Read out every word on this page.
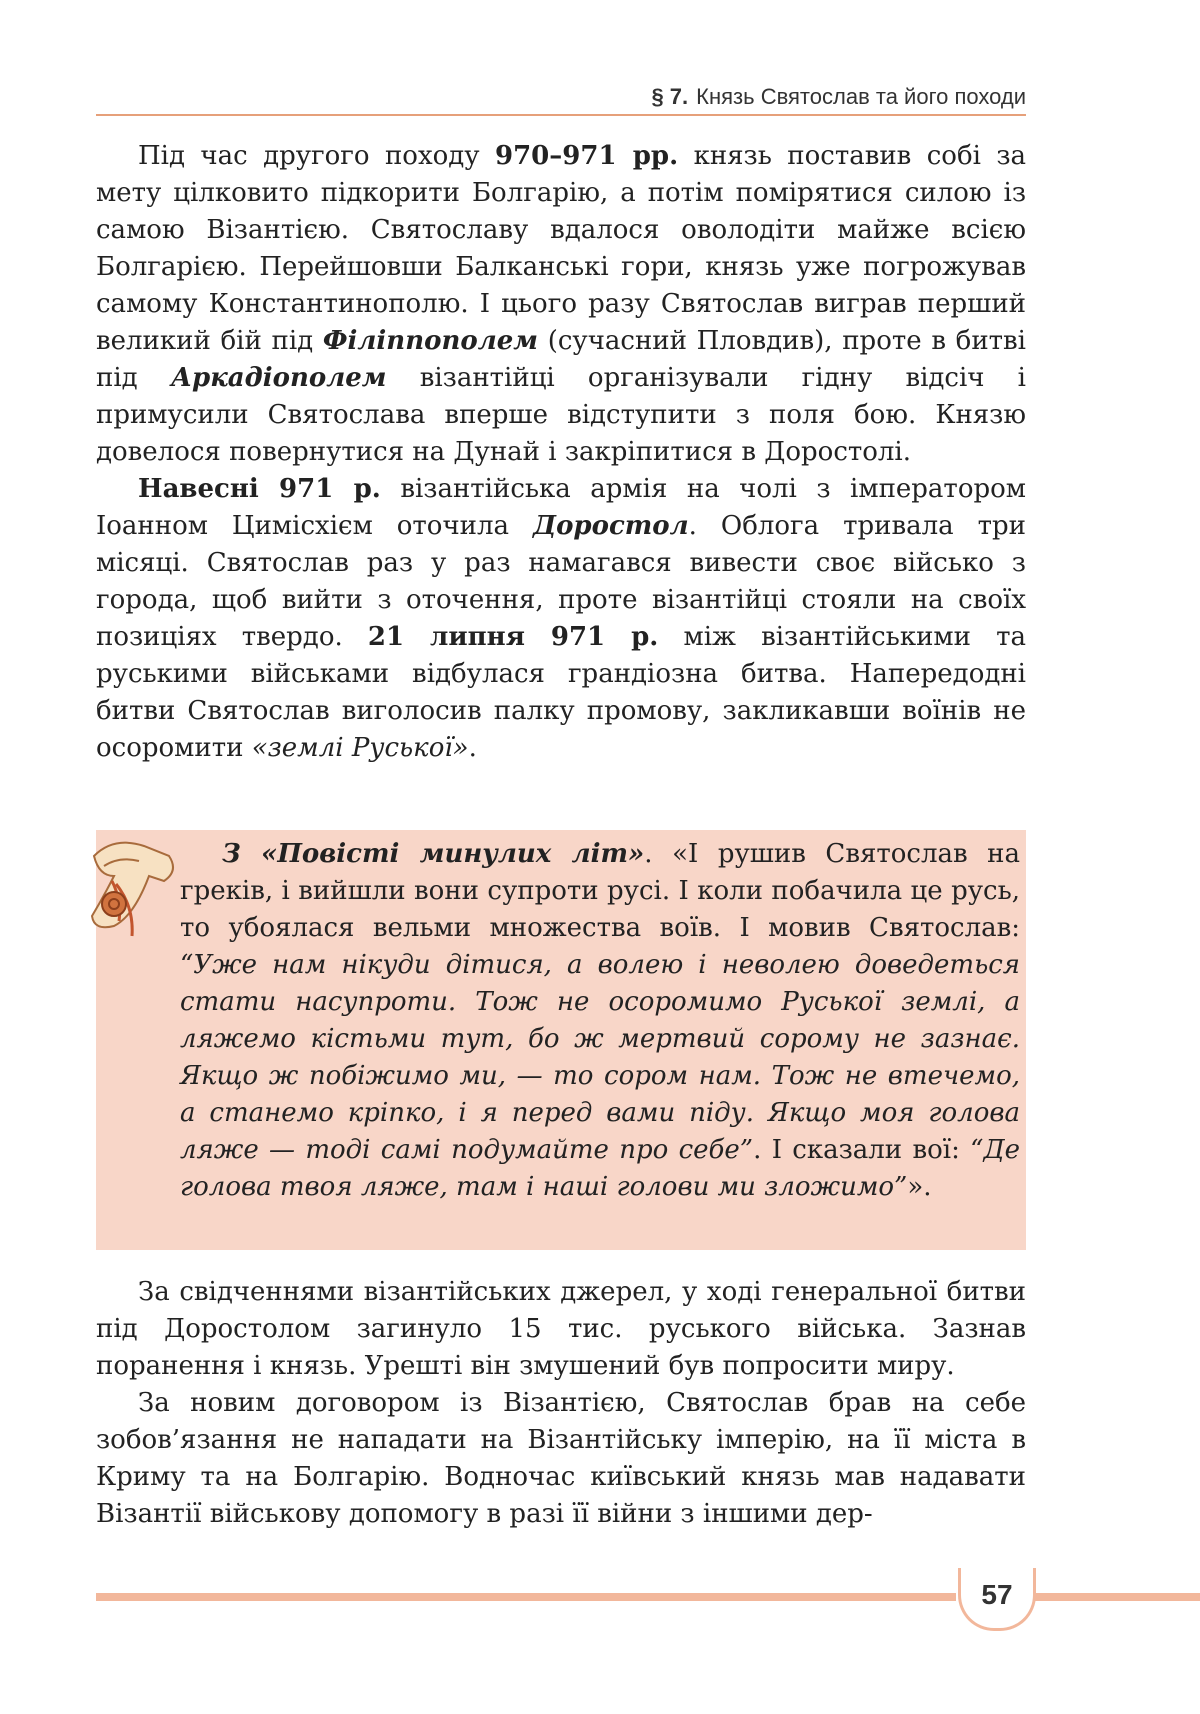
§ 7. Князь Святослав та його походи

Під час другого походу 970–971 рр. князь поставив собі за мету цілковито підкорити Болгарію, а потім помірятися силою із самою Візантією. Святославу вдалося оволодіти майже всією Болгарією. Перейшовши Балканські гори, князь уже погрожував самому Константинополю. І цього разу Святослав виграв перший великий бій під Філіппополем (сучасний Пловдив), проте в битві під Аркадіополем візантійці організували гідну відсіч і примусили Святослава вперше відступити з поля бою. Князю довелося повернутися на Дунай і закріпитися в Доростолі.

Навесні 971 р. візантійська армія на чолі з імператором Іоанном Цимісхієм оточила Доростол. Облога тривала три місяці. Святослав раз у раз намагався вивести своє військо з города, щоб вийти з оточення, проте візантійці стояли на своїх позиціях твердо. 21 липня 971 р. між візантійськими та руськими військами відбулася грандіозна битва. Напередодні битви Святослав виголосив палку промову, закликавши воїнів не осоромити «землі Руської».

З «Повісті минулих літ». «І рушив Святослав на греків, і вийшли вони супроти русі. І коли побачила це русь, то убоялася вельми множества воїв. І мовив Святослав: “Уже нам нікуди дітися, а волею і неволею доведеться стати насупроти. Тож не осоромимо Руської землі, а ляжемо кістьми тут, бо ж мертвий сорому не зазнає. Якщо ж побіжимо ми, — то сором нам. Тож не втечемо, а станемо кріпко, і я перед вами піду. Якщо моя голова ляже — тоді самі подумайте про себе”. І сказали вої: “Де голова твоя ляже, там і наші голови ми зложимо”».

За свідченнями візантійських джерел, у ході генеральної битви під Доростолом загинуло 15 тис. руського війська. Зазнав поранення і князь. Урешті він змушений був попросити миру.

За новим договором із Візантією, Святослав брав на себе зобов’язання не нападати на Візантійську імперію, на її міста в Криму та на Болгарію. Водночас київський князь мав надавати Візантії військову допомогу в разі її війни з іншими дер-

57
